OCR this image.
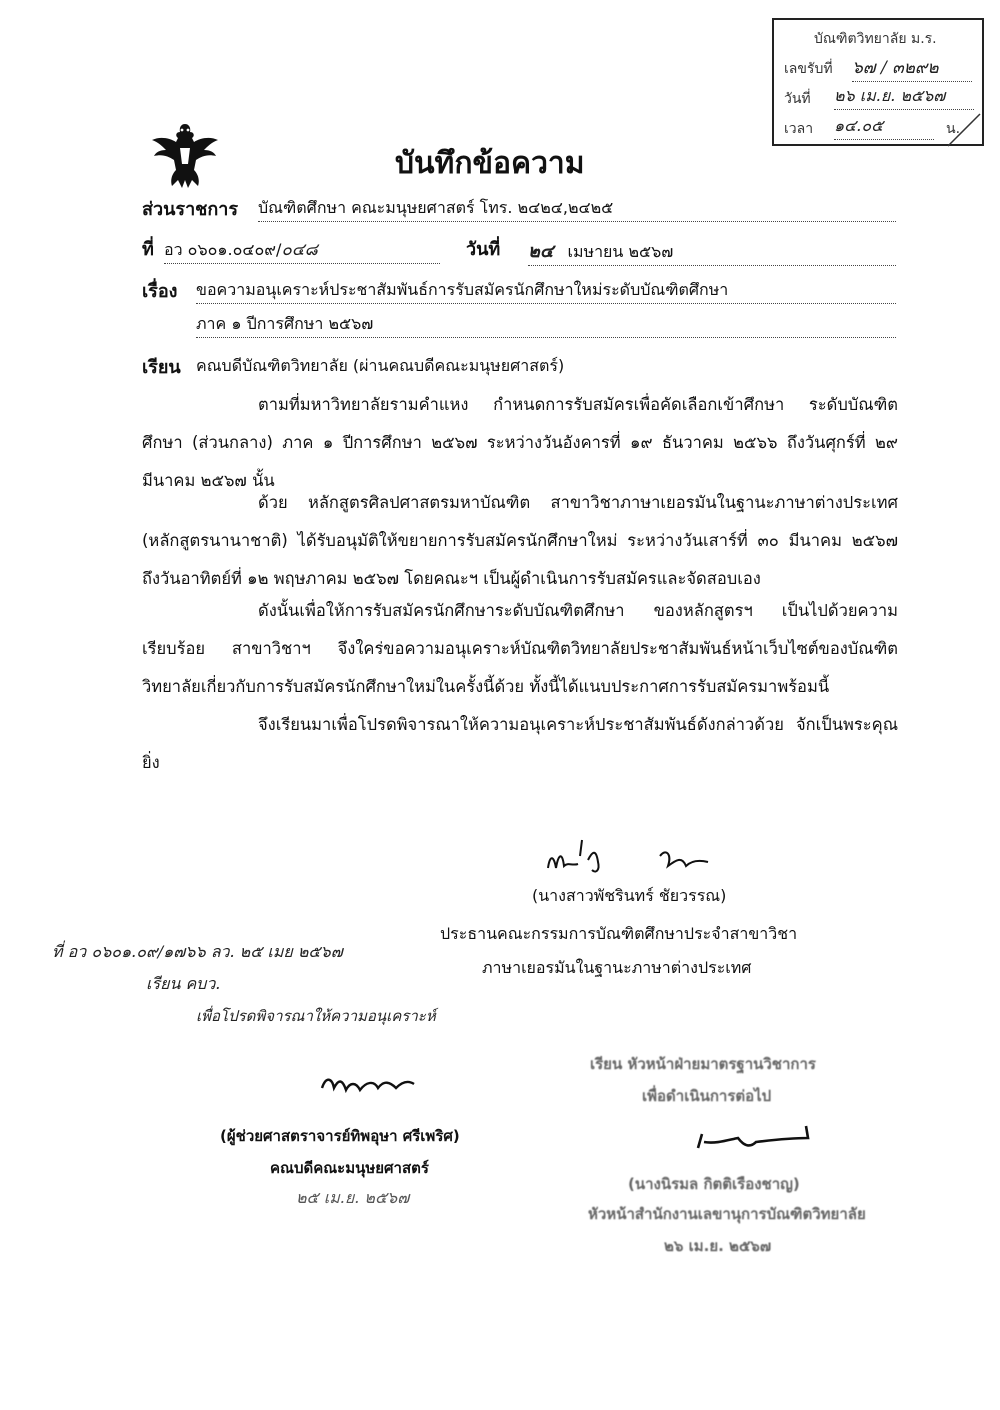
บัณฑิตวิทยาลัย ม.ร.
เลขรับที่ ๖๗ / ๓๒๙๒
วันที่ ๒๖ เม.ย. ๒๕๖๗
เวลา ๑๔.๐๕	น.
บันทึกข้อความ
ส่วนราชการ บัณฑิตศึกษา คณะมนุษยศาสตร์ โทร. ๒๔๒๔,๒๔๒๕
ที่ อว ๐๖๐๑.๐๔๐๙/๐๔๘	วันที่ ๒๔ เมษายน ๒๕๖๗
เรื่อง ขอความอนุเคราะห์ประชาสัมพันธ์การรับสมัครนักศึกษาใหม่ระดับบัณฑิตศึกษา
ภาค ๑ ปีการศึกษา ๒๕๖๗
เรียน คณบดีบัณฑิตวิทยาลัย (ผ่านคณบดีคณะมนุษยศาสตร์)
ตามที่มหาวิทยาลัยรามคำแหง กำหนดการรับสมัครเพื่อคัดเลือกเข้าศึกษา ระดับบัณฑิตศึกษา (ส่วนกลาง) ภาค ๑ ปีการศึกษา ๒๕๖๗ ระหว่างวันอังคารที่ ๑๙ ธันวาคม ๒๕๖๖ ถึงวันศุกร์ที่ ๒๙ มีนาคม ๒๕๖๗ นั้น
ด้วย หลักสูตรศิลปศาสตรมหาบัณฑิต สาขาวิชาภาษาเยอรมันในฐานะภาษาต่างประเทศ (หลักสูตรนานาชาติ) ได้รับอนุมัติให้ขยายการรับสมัครนักศึกษาใหม่ ระหว่างวันเสาร์ที่ ๓๐ มีนาคม ๒๕๖๗ ถึงวันอาทิตย์ที่ ๑๒ พฤษภาคม ๒๕๖๗ โดยคณะฯ เป็นผู้ดำเนินการรับสมัครและจัดสอบเอง
ดังนั้นเพื่อให้การรับสมัครนักศึกษาระดับบัณฑิตศึกษา ของหลักสูตรฯ เป็นไปด้วยความเรียบร้อย สาขาวิชาฯ จึงใคร่ขอความอนุเคราะห์บัณฑิตวิทยาลัยประชาสัมพันธ์หน้าเว็บไซต์ของบัณฑิตวิทยาลัยเกี่ยวกับการรับสมัครนักศึกษาใหม่ในครั้งนี้ด้วย ทั้งนี้ได้แนบประกาศการรับสมัครมาพร้อมนี้
จึงเรียนมาเพื่อโปรดพิจารณาให้ความอนุเคราะห์ประชาสัมพันธ์ดังกล่าวด้วย จักเป็นพระคุณยิ่ง
(นางสาวพัชรินทร์ ชัยวรรณ)
ประธานคณะกรรมการบัณฑิตศึกษาประจำสาขาวิชา
ภาษาเยอรมันในฐานะภาษาต่างประเทศ
ที่ อว ๐๖๐๑.๐๙/๑๗๖๖ ลว. ๒๕ เมย ๒๕๖๗
เรียน คบว.
เพื่อโปรดพิจารณาให้ความอนุเคราะห์
(ผู้ช่วยศาสตราจารย์ทิพอุษา ศรีเพริศ)
คณบดีคณะมนุษยศาสตร์
๒๕ เม.ย. ๒๕๖๗
เรียน หัวหน้าฝ่ายมาตรฐานวิชาการ
เพื่อดำเนินการต่อไป
(นางนิรมล กิตติเรืองชาญ)
หัวหน้าสำนักงานเลขานุการบัณฑิตวิทยาลัย
๒๖ เม.ย. ๒๕๖๗
